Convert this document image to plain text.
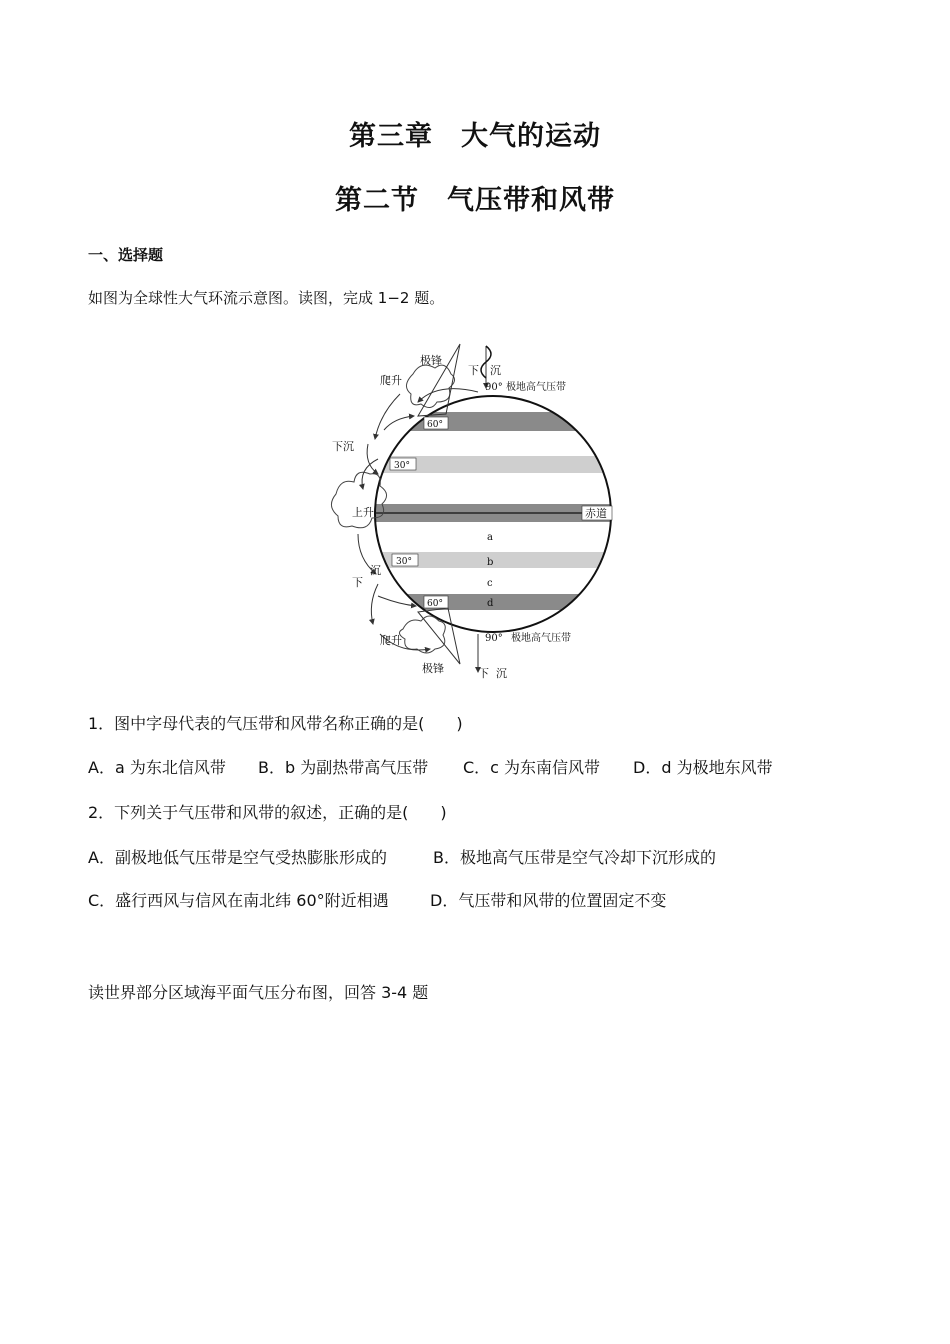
第三章　大气的运动
第二节　气压带和风带
一、选择题
如图为全球性大气环流示意图。读图，完成 1−2 题。
极锋
爬升
下 沉
90° 极地高气压带
60°
下沉
30°
上升	赤道
a
30°	b
下
沉
c
60°	d
90° 极地高气压带
爬升
极锋	下 沉
1．图中字母代表的气压带和风带名称正确的是(　　)
A．a 为东北信风带 B．b 为副热带高气压带 C．c 为东南信风带 D．d 为极地东风带
2．下列关于气压带和风带的叙述，正确的是(　　)
A．副极地低气压带是空气受热膨胀形成的	B．极地高气压带是空气冷却下沉形成的
C．盛行西风与信风在南北纬 60°附近相遇	D．气压带和风带的位置固定不变
读世界部分区域海平面气压分布图，回答 3-4 题
